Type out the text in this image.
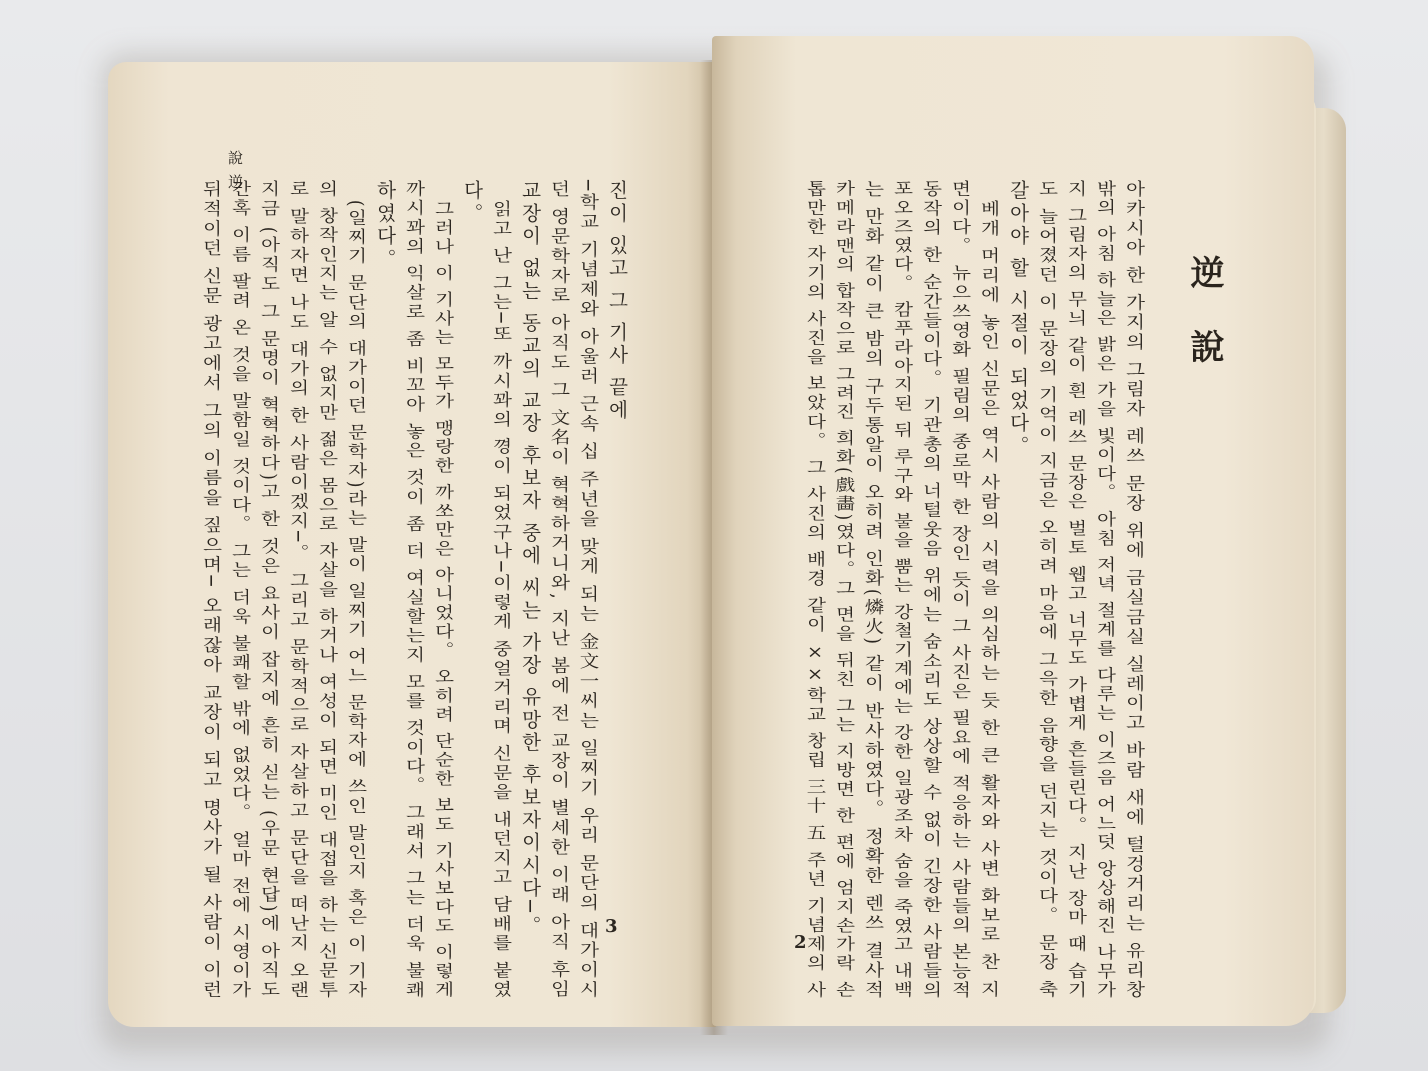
說 逆
진이 있고 그 기사 끝에
─학교 기념제와 아울러 근속 십 주년을 맞게 되는 金文一씨는 일찌기 우리 문단의 대가이시
던 영문학자로 아직도 그 文名이 혁혁하거니와, 지난 봄에 전 교장이 별세한 이래 아직 후임
교장이 없는 동교의 교장 후보자 중에 씨는 가장 유망한 후보자이시다─。
읽고 난 그는─또 까시꽈의 꼉이 되었구나─이렇게 중얼거리며 신문을 내던지고 담배를 붙였
다。
그러나 이 기사는 모두가 맹랑한 까쏘만은 아니었다。 오히려 단순한 보도 기사보다도 이렇게
까시꽈의 익살로 좀 비꼬아 놓은 것이 좀 더 여실할는지 모를 것이다。 그래서 그는 더욱 불쾌
하였다。
(일찌기 문단의 대가이던 문학자)라는 말이 일찌기 어느 문학자에 쓰인 말인지 혹은 이 기자
의 창작인지는 알 수 없지만 젊은 몸으로 자살을 하거나 여성이 되면 미인 대접을 하는 신문투
로 말하자면 나도 대가의 한 사람이겠지─。 그리고 문학적으로 자살하고 문단을 떠난지 오랜
지금 (아직도 그 문명이 혁혁하다)고 한 것은 요사이 잡지에 흔히 싣는 (우문 현답)에 아직도
간혹 이름 팔려 온 것을 말함일 것이다。 그는 더욱 불쾌할 밖에 없었다。 얼마 전에 시영이가
뒤적이던 신문 광고에서 그의 이름을 짚으며─ 오래잖아 교장이 되고 명사가 될 사람이 이런	3
逆說
아카시아 한 가지의 그림자 레쓰 문장 위에 금실금실 실레이고 바람 새에 털겅거리는 유리창
밖의 아침 하늘은 밝은 가을 빛이다。 아침 저녁 절계를 다루는 이즈음 어느덧 앙상해진 나무가
지 그림자의 무늬 같이 흰 레쓰 문장은 벌토 웹고 너무도 가볍게 흔들린다。 지난 장마 때 습기
도 늘어졌던 이 문장의 기억이 지금은 오히려 마음에 그윽한 음향을 던지는 것이다。 문장 축
갈아야 할 시절이 되었다。
베개 머리에 놓인 신문은 역시 사람의 시력을 의심하는 듯 한 큰 활자와 사변 화보로 찬 지
면이다。 뉴으쓰영화 필림의 종로막 한 장인 듯이 그 사진은 필요에 적응하는 사람들의 본능적
동작의 한 순간들이다。 기관총의 너털웃음 위에는 숨소리도 상상할 수 없이 긴장한 사람들의
포오즈였다。 캄푸라아지된 뒤 루구와 불을 뿜는 강철기계에는 강한 일광조차 숨을 죽였고 내백
는 만화 같이 큰 밤의 구두통알이 오히려 인화(燐火) 같이 반사하였다。 정확한 렌쓰 결사적
카메라맨의 합작으로 그려진 희화(戲畵)였다。그 면을 뒤친 그는 지방면 한 편에 엄지손가락 손
톱만한 자기의 사진을 보았다。 그 사진의 배경 같이 ××학교 창립 三十 五 주년 기념제의 사
2
